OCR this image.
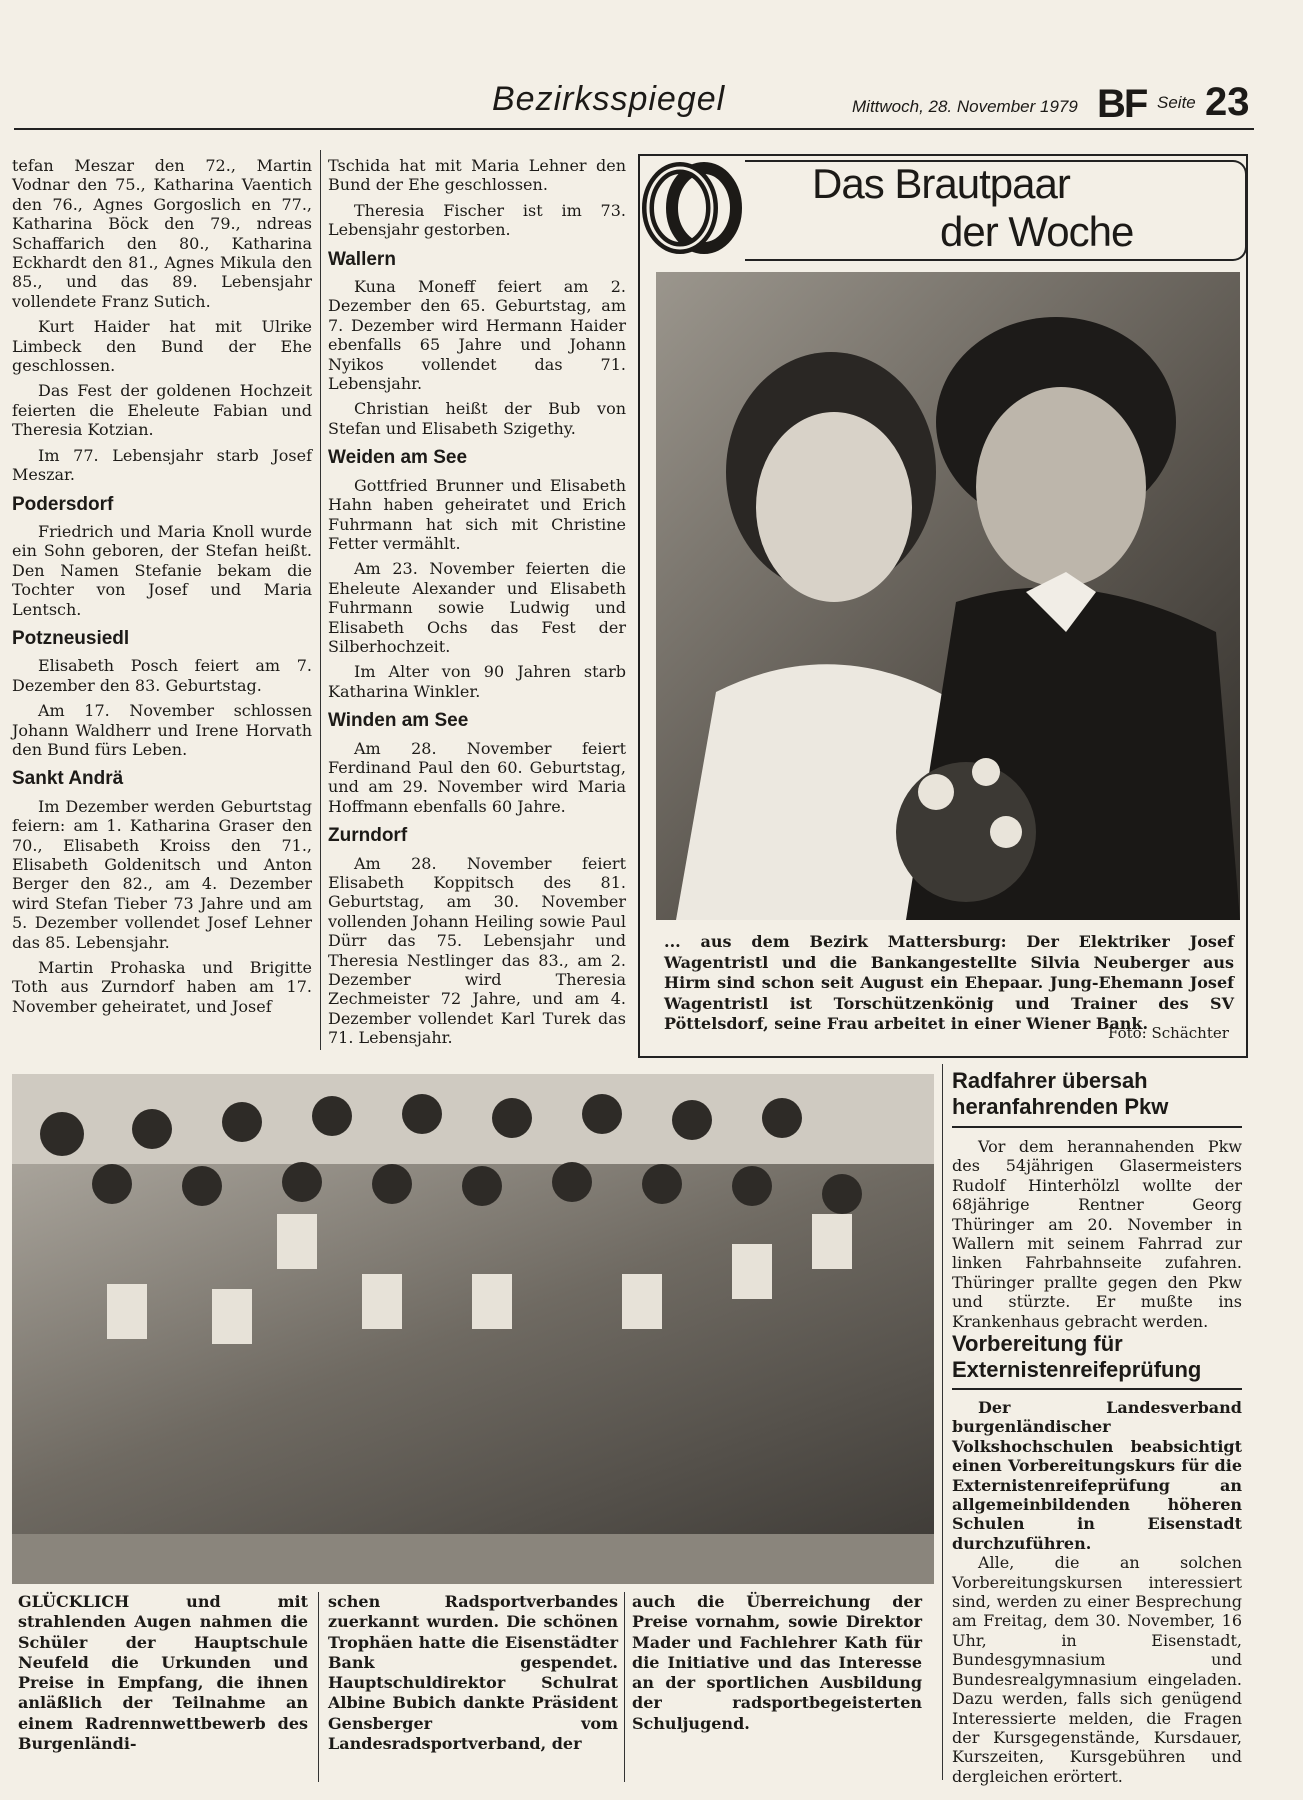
Bezirksspiegel	Mittwoch, 28. November 1979 BF Seite 23

tefan Meszar den 72., Martin Vodnar den 75., Katharina Vaentich den 76., Agnes Gorgoslich en 77., Katharina Böck den 79., ndreas Schaffarich den 80., Katharina Eckhardt den 81., Agnes Mikula den 85., und das 89. Lebensjahr vollendete Franz Sutich.

Kurt Haider hat mit Ulrike Limbeck den Bund der Ehe geschlossen.

Das Fest der goldenen Hochzeit feierten die Eheleute Fabian und Theresia Kotzian.

Im 77. Lebensjahr starb Josef Meszar.

Podersdorf

Friedrich und Maria Knoll wurde ein Sohn geboren, der Stefan heißt. Den Namen Stefanie bekam die Tochter von Josef und Maria Lentsch.

Potzneusiedl

Elisabeth Posch feiert am 7. Dezember den 83. Geburtstag.

Am 17. November schlossen Johann Waldherr und Irene Horvath den Bund fürs Leben.

Sankt Andrä

Im Dezember werden Geburtstag feiern: am 1. Katharina Graser den 70., Elisabeth Kroiss den 71., Elisabeth Goldenitsch und Anton Berger den 82., am 4. Dezember wird Stefan Tieber 73 Jahre und am 5. Dezember vollendet Josef Lehner das 85. Lebensjahr.

Martin Prohaska und Brigitte Toth aus Zurndorf haben am 17. November geheiratet, und Josef

Tschida hat mit Maria Lehner den Bund der Ehe geschlossen.

Theresia Fischer ist im 73. Lebensjahr gestorben.

Wallern

Kuna Moneff feiert am 2. Dezember den 65. Geburtstag, am 7. Dezember wird Hermann Haider ebenfalls 65 Jahre und Johann Nyikos vollendet das 71. Lebensjahr.

Christian heißt der Bub von Stefan und Elisabeth Szigethy.

Weiden am See

Gottfried Brunner und Elisabeth Hahn haben geheiratet und Erich Fuhrmann hat sich mit Christine Fetter vermählt.

Am 23. November feierten die Eheleute Alexander und Elisabeth Fuhrmann sowie Ludwig und Elisabeth Ochs das Fest der Silberhochzeit.

Im Alter von 90 Jahren starb Katharina Winkler.

Winden am See

Am 28. November feiert Ferdinand Paul den 60. Geburtstag, und am 29. November wird Maria Hoffmann ebenfalls 60 Jahre.

Zurndorf

Am 28. November feiert Elisabeth Koppitsch des 81. Geburtstag, am 30. November vollenden Johann Heiling sowie Paul Dürr das 75. Lebensjahr und Theresia Nestlinger das 83., am 2. Dezember wird Theresia Zechmeister 72 Jahre, und am 4. Dezember vollendet Karl Turek das 71. Lebensjahr.

Das Brautpaar
der Woche
... aus dem Bezirk Mattersburg: Der Elektriker Josef Wagentristl und die Bankangestellte Silvia Neuberger aus Hirm sind schon seit August ein Ehepaar. Jung-Ehemann Josef Wagentristl ist Torschützenkönig und Trainer des SV Pöttelsdorf, seine Frau arbeitet in einer Wiener Bank.
Foto: Schächter
GLÜCKLICH und mit strahlenden Augen nahmen die Schüler der Hauptschule Neufeld die Urkunden und Preise in Empfang, die ihnen anläßlich der Teilnahme an einem Radrennwettbewerb des Burgenländi-
schen Radsportverbandes zuerkannt wurden. Die schönen Trophäen hatte die Eisenstädter Bank gespendet. Hauptschuldirektor Schulrat Albine Bubich dankte Präsident Gensberger vom Landesradsportverband, der
auch die Überreichung der Preise vornahm, sowie Direktor Mader und Fachlehrer Kath für die Initiative und das Interesse an der sportlichen Ausbildung der radsportbegeisterten Schuljugend.
Radfahrer übersah heranfahrenden Pkw

Vor dem herannahenden Pkw des 54jährigen Glasermeisters Rudolf Hinterhölzl wollte der 68jährige Rentner Georg Thüringer am 20. November in Wallern mit seinem Fahrrad zur linken Fahrbahnseite zufahren. Thüringer prallte gegen den Pkw und stürzte. Er mußte ins Krankenhaus gebracht werden.

Vorbereitung für Externistenreifeprüfung

Der Landesverband burgenländischer Volkshochschulen beabsichtigt einen Vorbereitungskurs für die Externistenreifeprüfung an allgemeinbildenden höheren Schulen in Eisenstadt durchzuführen.

Alle, die an solchen Vorbereitungskursen interessiert sind, werden zu einer Besprechung am Freitag, dem 30. November, 16 Uhr, in Eisenstadt, Bundesgymnasium und Bundesrealgymnasium eingeladen. Dazu werden, falls sich genügend Interessierte melden, die Fragen der Kursgegenstände, Kursdauer, Kurszeiten, Kursgebühren und dergleichen erörtert.
